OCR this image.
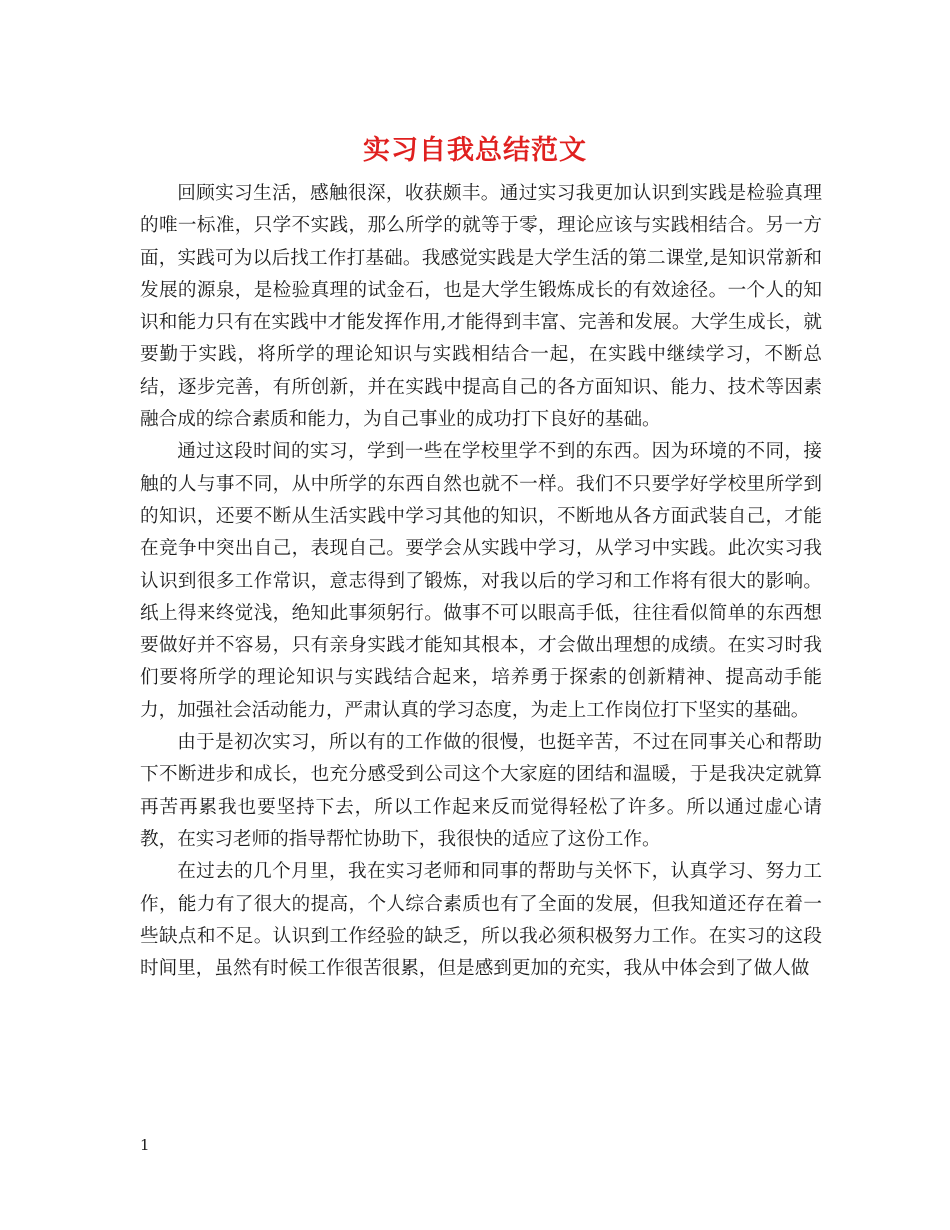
实习自我总结范文

回顾实习生活，感触很深，收获颇丰。通过实习我更加认识到实践是检验真理的唯一标准，只学不实践，那么所学的就等于零，理论应该与实践相结合。另一方面，实践可为以后找工作打基础。我感觉实践是大学生活的第二课堂,是知识常新和发展的源泉，是检验真理的试金石，也是大学生锻炼成长的有效途径。一个人的知识和能力只有在实践中才能发挥作用,才能得到丰富、完善和发展。大学生成长，就要勤于实践，将所学的理论知识与实践相结合一起，在实践中继续学习，不断总结，逐步完善，有所创新，并在实践中提高自己的各方面知识、能力、技术等因素融合成的综合素质和能力，为自己事业的成功打下良好的基础。

通过这段时间的实习，学到一些在学校里学不到的东西。因为环境的不同，接触的人与事不同，从中所学的东西自然也就不一样。我们不只要学好学校里所学到的知识，还要不断从生活实践中学习其他的知识，不断地从各方面武装自己，才能在竞争中突出自己，表现自己。要学会从实践中学习，从学习中实践。此次实习我认识到很多工作常识，意志得到了锻炼，对我以后的学习和工作将有很大的影响。纸上得来终觉浅，绝知此事须躬行。做事不可以眼高手低，往往看似简单的东西想要做好并不容易，只有亲身实践才能知其根本，才会做出理想的成绩。在实习时我们要将所学的理论知识与实践结合起来，培养勇于探索的创新精神、提高动手能力，加强社会活动能力，严肃认真的学习态度，为走上工作岗位打下坚实的基础。

由于是初次实习，所以有的工作做的很慢，也挺辛苦，不过在同事关心和帮助下不断进步和成长，也充分感受到公司这个大家庭的团结和温暖，于是我决定就算再苦再累我也要坚持下去，所以工作起来反而觉得轻松了许多。所以通过虚心请教，在实习老师的指导帮忙协助下，我很快的适应了这份工作。

在过去的几个月里，我在实习老师和同事的帮助与关怀下，认真学习、努力工作，能力有了很大的提高，个人综合素质也有了全面的发展，但我知道还存在着一些缺点和不足。认识到工作经验的缺乏，所以我必须积极努力工作。在实习的这段时间里，虽然有时候工作很苦很累，但是感到更加的充实，我从中体会到了做人做

1
